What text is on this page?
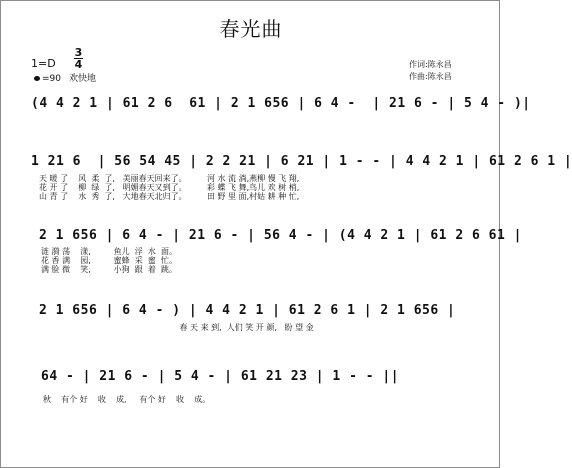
春光曲
作词:陈永昌
作曲:陈永昌
1=D
3
4
=90 欢快地
(4 4 2 1 | 61 2 6  61 | 2 1 656 | 6 4 -  | 21 6 - | 5 4 - )|
1 21 6  | 56 54 45 | 2 2 21 | 6 21 | 1 - - | 4 4 2 1 | 61 2 6 1 |
天 暖 了    风  柔  了,   美丽春天回来了。        河 水 流 淌,燕柳 慢 飞 翔,
花 开 了    柳  绿  了,   明媚春天又到了。        彩 蝶 飞 舞,鸟儿 欢 树 梢,
山 青 了    水  秀  了,   大地春天北归了。        田 野 里 面,村姑 耕 种 忙,
2 1 656 | 6 4 - | 21 6 - | 56 4 - | (4 4 2 1 | 61 2 6 61 |
涟 漪 荡    漾,         鱼儿  浮  水  面。
花 香 满    园,         蜜蜂  采  蜜  忙。
满 脸 微    笑,         小狗  跟  着  跳。
2 1 656 | 6 4 - ) | 4 4 2 1 | 61 2 6 1 | 2 1 656 |
春 天 来 到,  人们 笑 开 颜,   盼 望 金
64 - | 21 6 - | 5 4 - | 61 21 23 | 1 - - ||
秋    有个 好    收    成,     有个 好    收    成。
